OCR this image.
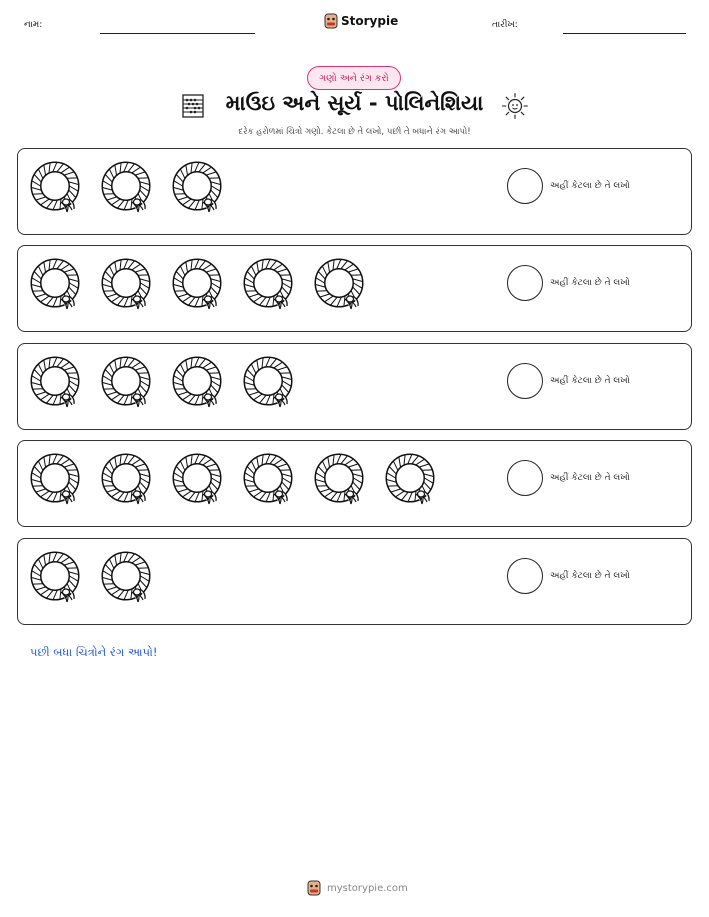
નામ:	Storypie	તારીખ:
ગણો અને રંગ કરો
માઉઇ અને સૂર્ય - પોલિનેશિયા
દરેક હરોળમાં ચિત્રો ગણો. કેટલા છે તે લખો, પછી તે બધાને રંગ આપો!
અહીં કેટલા છે તે લખો
અહીં કેટલા છે તે લખો
અહીં કેટલા છે તે લખો
અહીં કેટલા છે તે લખો
અહીં કેટલા છે તે લખો
પછી બધા ચિત્રોને રંગ આપો!
mystorypie.com
